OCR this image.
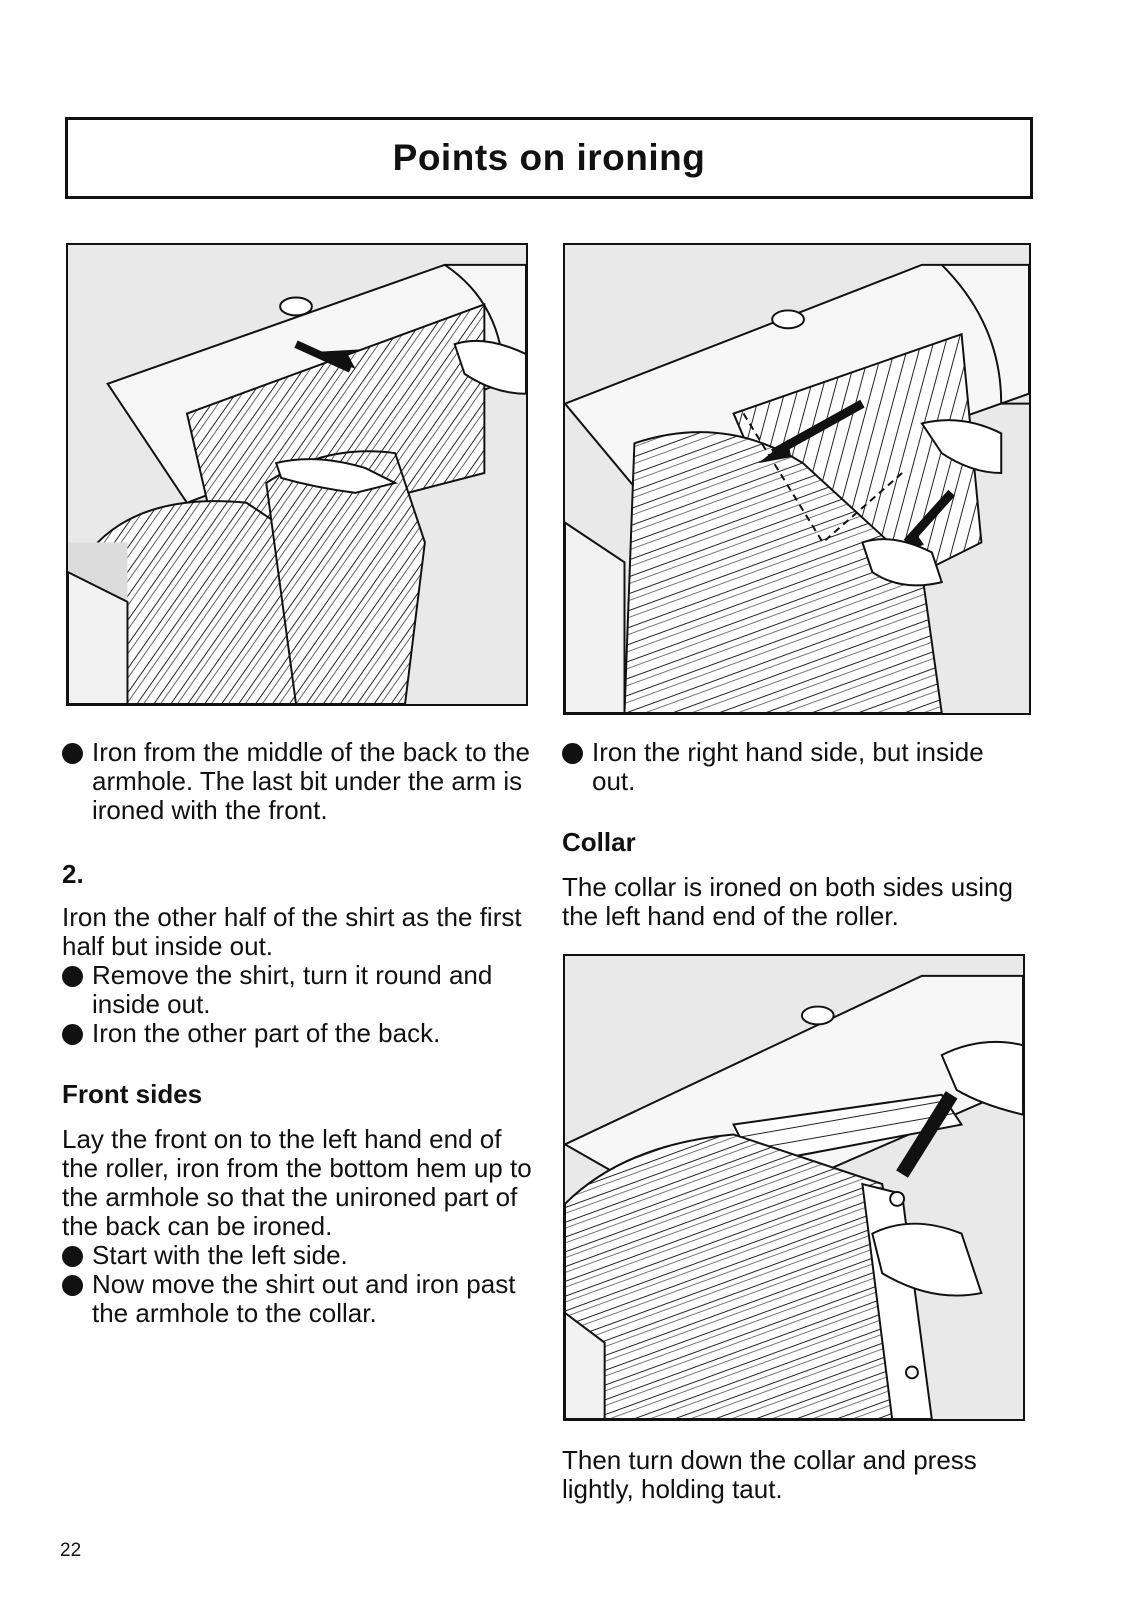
Points on ironing
Iron from the middle of the back to the armhole. The last bit under the arm is ironed with the front.

2.

Iron the other half of the shirt as the first half but inside out.

Remove the shirt, turn it round and inside out.
Iron the other part of the back.

Front sides

Lay the front on to the left hand end of the roller, iron from the bottom hem up to the armhole so that the unironed part of the back can be ironed.

Start with the left side.
Now move the shirt out and iron past the armhole to the collar.
Iron the right hand side, but inside out.

Collar

The collar is ironed on both sides using the left hand end of the roller.

Then turn down the collar and press lightly, holding taut.

22
